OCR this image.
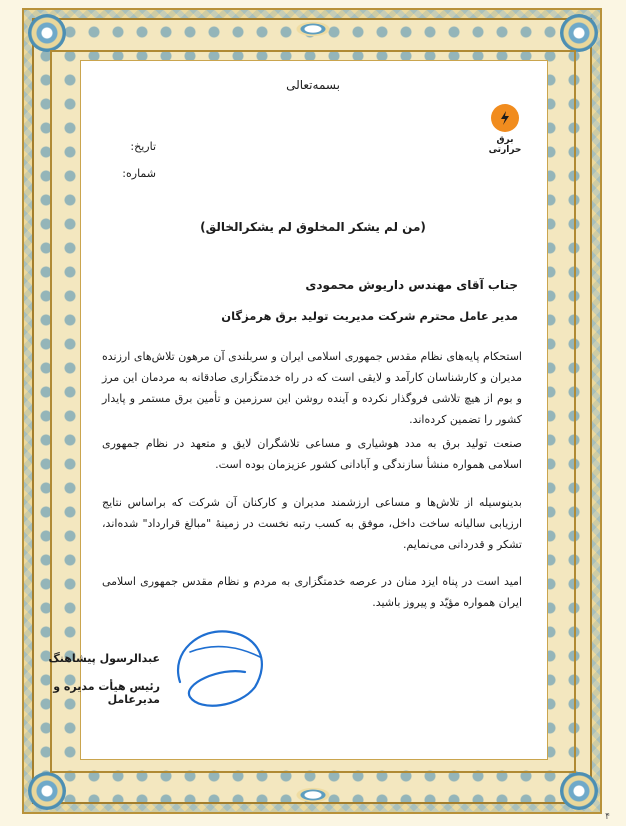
بسمه‌تعالی
برق حرارتی
تاریخ:
شماره:
(من لم یشکر المخلوق لم یشکرالخالق)
جناب آقای مهندس داریوش محمودی
مدیر عامل محترم شرکت مدیریت تولید برق هرمزگان
استحکام پایه‌های نظام مقدس جمهوری اسلامی ایران و سربلندی آن مرهون تلاش‌های ارزنده مدیران و کارشناسان کارآمد و لایقی است که در راه خدمتگزاری صادقانه به مردمان این مرز و بوم از هیچ تلاشی فروگذار نکرده و آینده روشن این سرزمین و تأمین برق مستمر و پایدار کشور را تضمین کرده‌اند.
صنعت تولید برق به مدد هوشیاری و مساعی تلاشگران لایق و متعهد در نظام جمهوری اسلامی همواره منشأ سازندگی و آبادانی کشور عزیزمان بوده است.
بدینوسیله از تلاش‌ها و مساعی ارزشمند مدیران و کارکنان آن شرکت که براساس نتایج ارزیابی سالیانه ساخت داخل، موفق به کسب رتبه نخست در زمینهٔ "مبالغ قرارداد" شده‌اند، تشکر و قدردانی می‌نمایم.
امید است در پناه ایزد منان در عرصه خدمتگزاری به مردم و نظام مقدس جمهوری اسلامی ایران همواره مؤیّد و پیروز باشید.
عبدالرسول پیشاهنگ
رئیس هیأت مدیره و مدیرعامل
۴
